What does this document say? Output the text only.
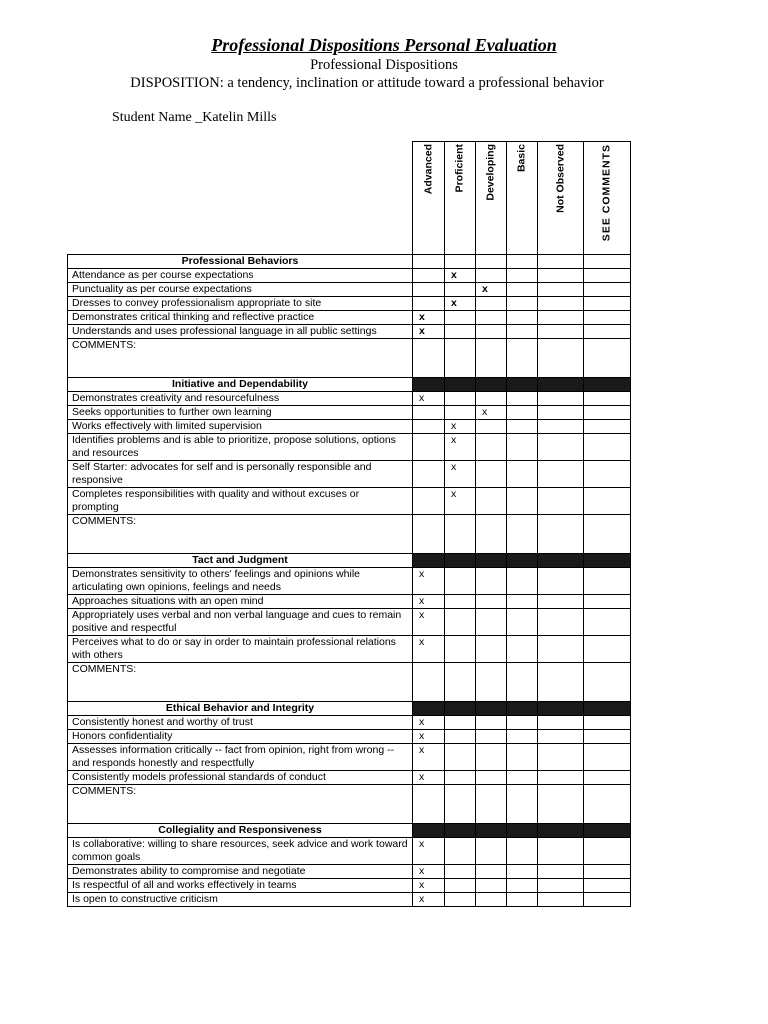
Professional Dispositions Personal Evaluation
Professional Dispositions
DISPOSITION: a tendency, inclination or attitude toward a professional behavior
Student Name _Katelin Mills

	Advanced	Proficient	Developing	Basic	Not Observed	SEE COMMENTS

Professional Behaviors						
Attendance as per course expectations		x				
Punctuality as per course expectations			x			
Dresses to convey professionalism appropriate to site		x				
Demonstrates critical thinking and reflective practice	x					
Understands and uses professional language in all public settings	x					
COMMENTS:						
Initiative and Dependability						
Demonstrates creativity and resourcefulness	x					
Seeks opportunities to further own learning			x			
Works effectively with limited supervision		x				
Identifies problems and is able to prioritize, propose solutions, options and resources		x				
Self Starter: advocates for self and is personally responsible and responsive		x				
Completes responsibilities with quality and without excuses or prompting		x				
COMMENTS:						
Tact and Judgment						
Demonstrates sensitivity to others' feelings and opinions while articulating own opinions, feelings and needs	x					
Approaches situations with an open mind	x					
Appropriately uses verbal and non verbal language and cues to remain positive and respectful	x					
Perceives what to do or say in order to maintain professional relations with others	x					
COMMENTS:						
Ethical Behavior and Integrity						
Consistently honest and worthy of trust	x					
Honors confidentiality	x					
Assesses information critically -- fact from opinion, right from wrong -- and responds honestly and respectfully	x					
Consistently models professional standards of conduct	x					
COMMENTS:						
Collegiality and Responsiveness						
Is collaborative: willing to share resources, seek advice and work toward common goals	x					
Demonstrates ability to compromise and negotiate	x					
Is respectful of all and works effectively in teams	x					
Is open to constructive criticism	x					
